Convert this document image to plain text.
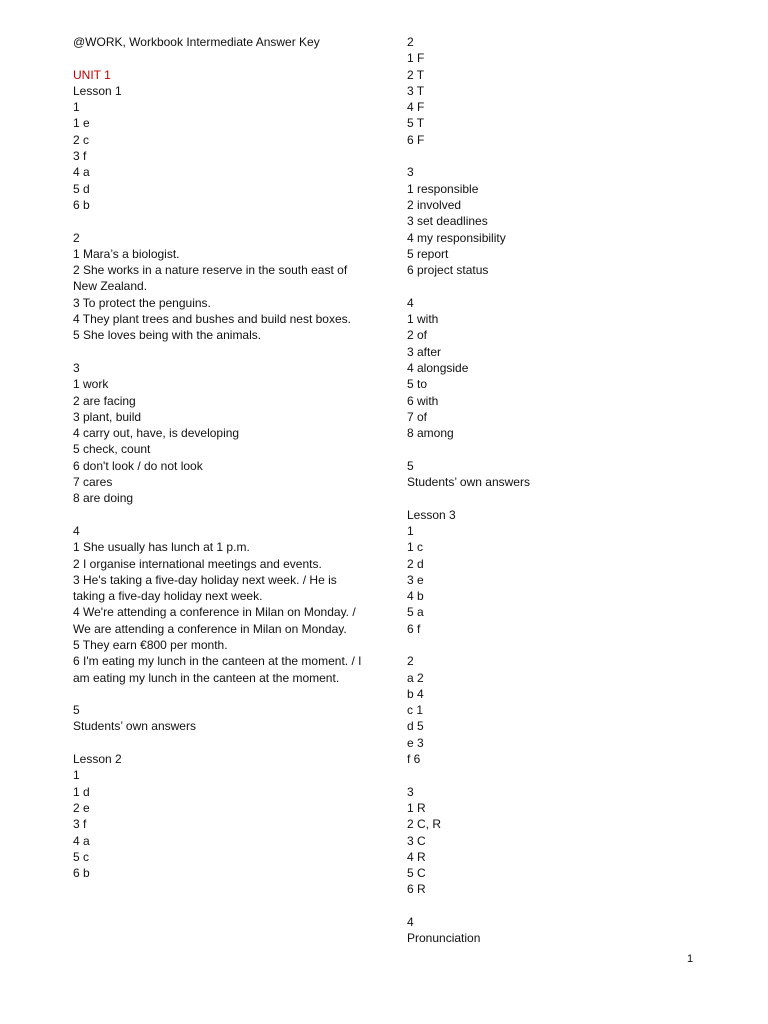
@WORK, Workbook Intermediate Answer Key
UNIT 1
Lesson 1
1
1 e
2 c
3 f
4 a
5 d
6 b
2
1 Mara’s a biologist.
2 She works in a nature reserve in the south east of New Zealand.
3 To protect the penguins.
4 They plant trees and bushes and build nest boxes.
5 She loves being with the animals.
3
1 work
2 are facing
3 plant, build
4 carry out, have, is developing
5 check, count
6 don't look / do not look
7 cares
8 are doing
4
1 She usually has lunch at 1 p.m.
2 I organise international meetings and events.
3 He's taking a five-day holiday next week. / He is taking a five-day holiday next week.
4 We're attending a conference in Milan on Monday. / We are attending a conference in Milan on Monday.
5 They earn €800 per month.
6 I'm eating my lunch in the canteen at the moment. / I am eating my lunch in the canteen at the moment.
5
Students’ own answers
Lesson 2
1
1 d
2 e
3 f
4 a
5 c
6 b
2
1 F
2 T
3 T
4 F
5 T
6 F
3
1 responsible
2 involved
3 set deadlines
4 my responsibility
5 report
6 project status
4
1 with
2 of
3 after
4 alongside
5 to
6 with
7 of
8 among
5
Students’ own answers
Lesson 3
1
1 c
2 d
3 e
4 b
5 a
6 f
2
a 2
b 4
c 1
d 5
e 3
f 6
3
1 R
2 C, R
3 C
4 R
5 C
6 R
4
Pronunciation
1
